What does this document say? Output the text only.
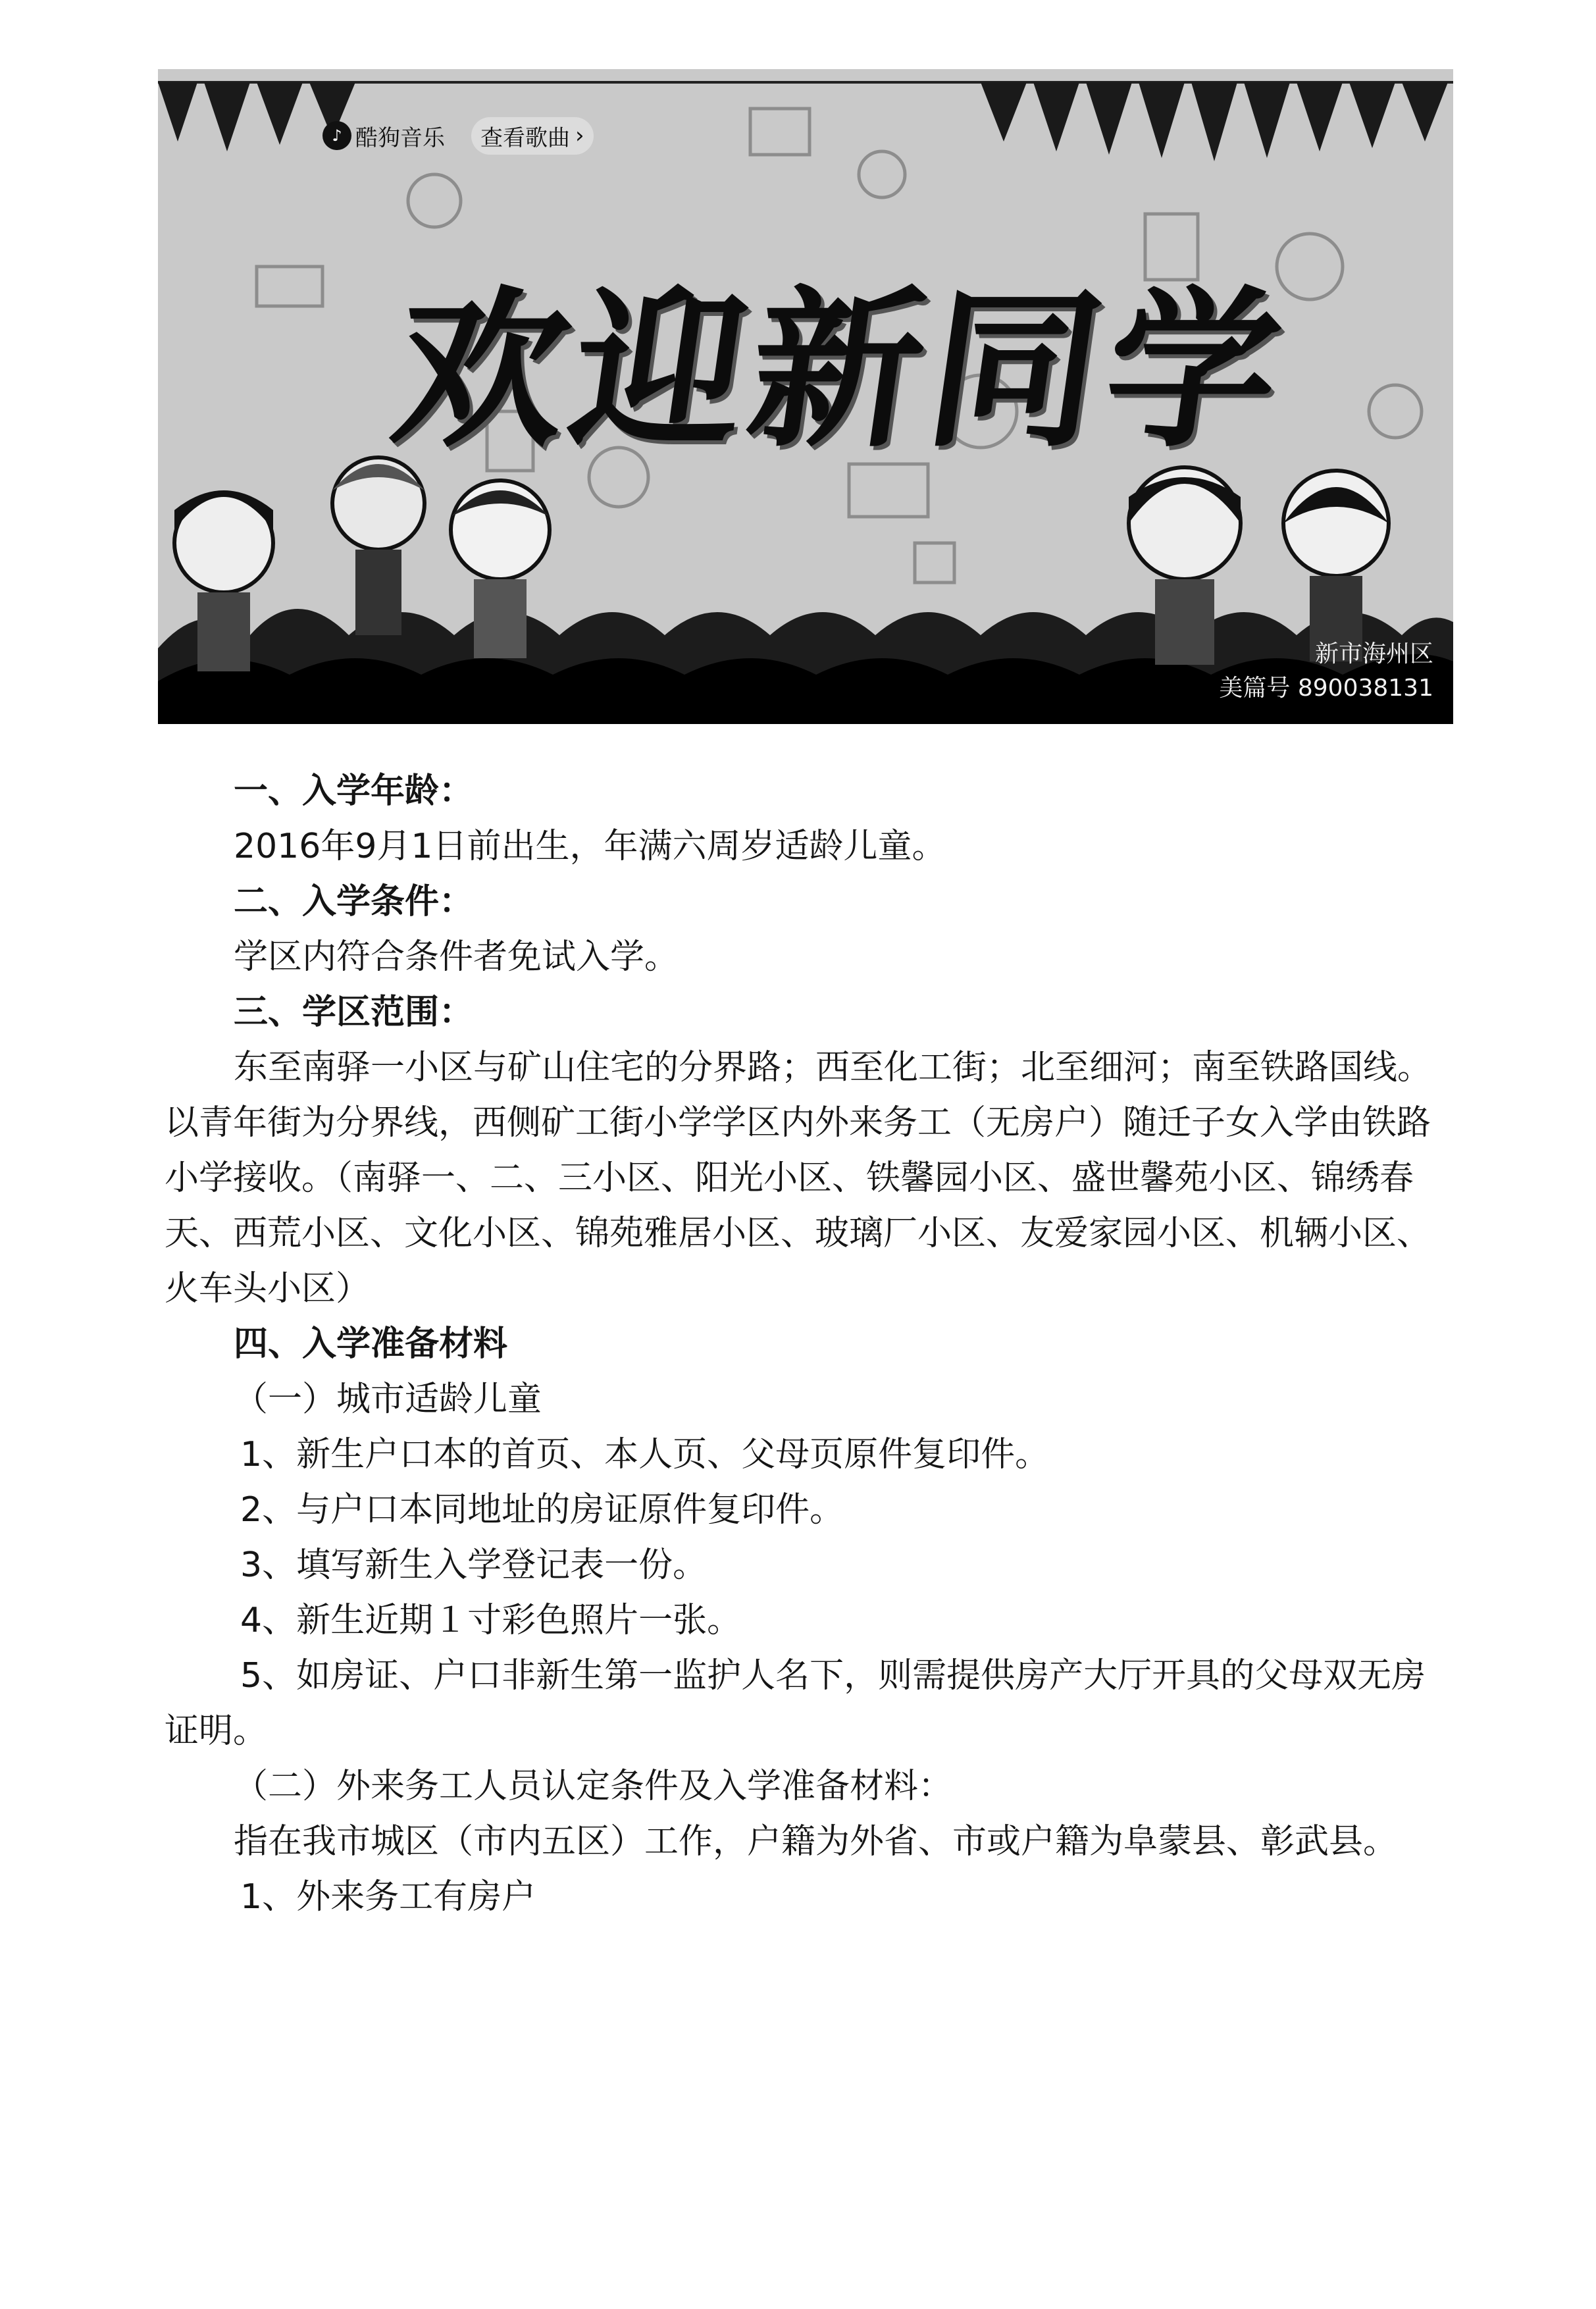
♪ 酷狗音乐 查看歌曲 ›
欢迎新同学
新市海州区
美篇号 890038131
一、入学年龄：
2016年9月1日前出生，年满六周岁适龄儿童。
二、入学条件：
学区内符合条件者免试入学。
三、学区范围：
东至南驿一小区与矿山住宅的分界路；西至化工街；北至细河；南至铁路国线。以青年街为分界线，西侧矿工街小学学区内外来务工（无房户）随迁子女入学由铁路小学接收。（南驿一、二、三小区、阳光小区、铁馨园小区、盛世馨苑小区、锦绣春天、西荒小区、文化小区、锦苑雅居小区、玻璃厂小区、友爱家园小区、机辆小区、火车头小区）
四、入学准备材料
（一）城市适龄儿童
1、新生户口本的首页、本人页、父母页原件复印件。
2、与户口本同地址的房证原件复印件。
3、填写新生入学登记表一份。
4、新生近期１寸彩色照片一张。
5、如房证、户口非新生第一监护人名下，则需提供房产大厅开具的父母双无房证明。
（二）外来务工人员认定条件及入学准备材料：
指在我市城区（市内五区）工作，户籍为外省、市或户籍为阜蒙县、彰武县。
1、外来务工有房户
